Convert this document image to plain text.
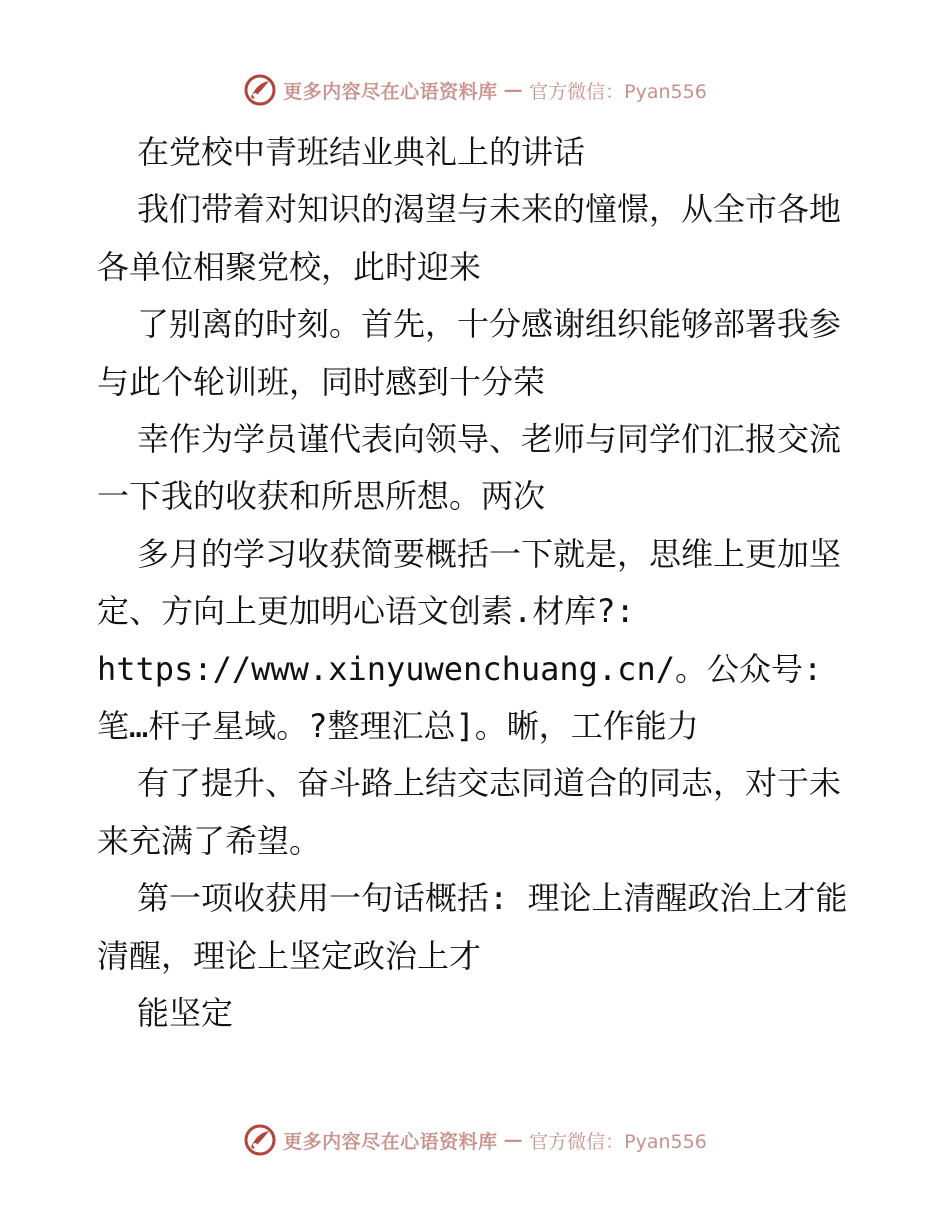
更多内容尽在心语资料库 — 官方微信：Pyan556

在党校中青班结业典礼上的讲话

我们带着对知识的渴望与未来的憧憬，从全市各地各单位相聚党校，此时迎来

了别离的时刻。首先，十分感谢组织能够部署我参与此个轮训班，同时感到十分荣

幸作为学员谨代表向领导、老师与同学们汇报交流一下我的收获和所思所想。两次

多月的学习收获简要概括一下就是，思维上更加坚定、方向上更加明心语文创素.材库?:

https://www.xinyuwenchuang.cn/。公众号: 笔…杆子星域。?整理汇总]。晰，工作能力

有了提升、奋斗路上结交志同道合的同志，对于未来充满了希望。

第一项收获用一句话概括: 理论上清醒政治上才能清醒，理论上坚定政治上才

能坚定

更多内容尽在心语资料库 — 官方微信：Pyan556
